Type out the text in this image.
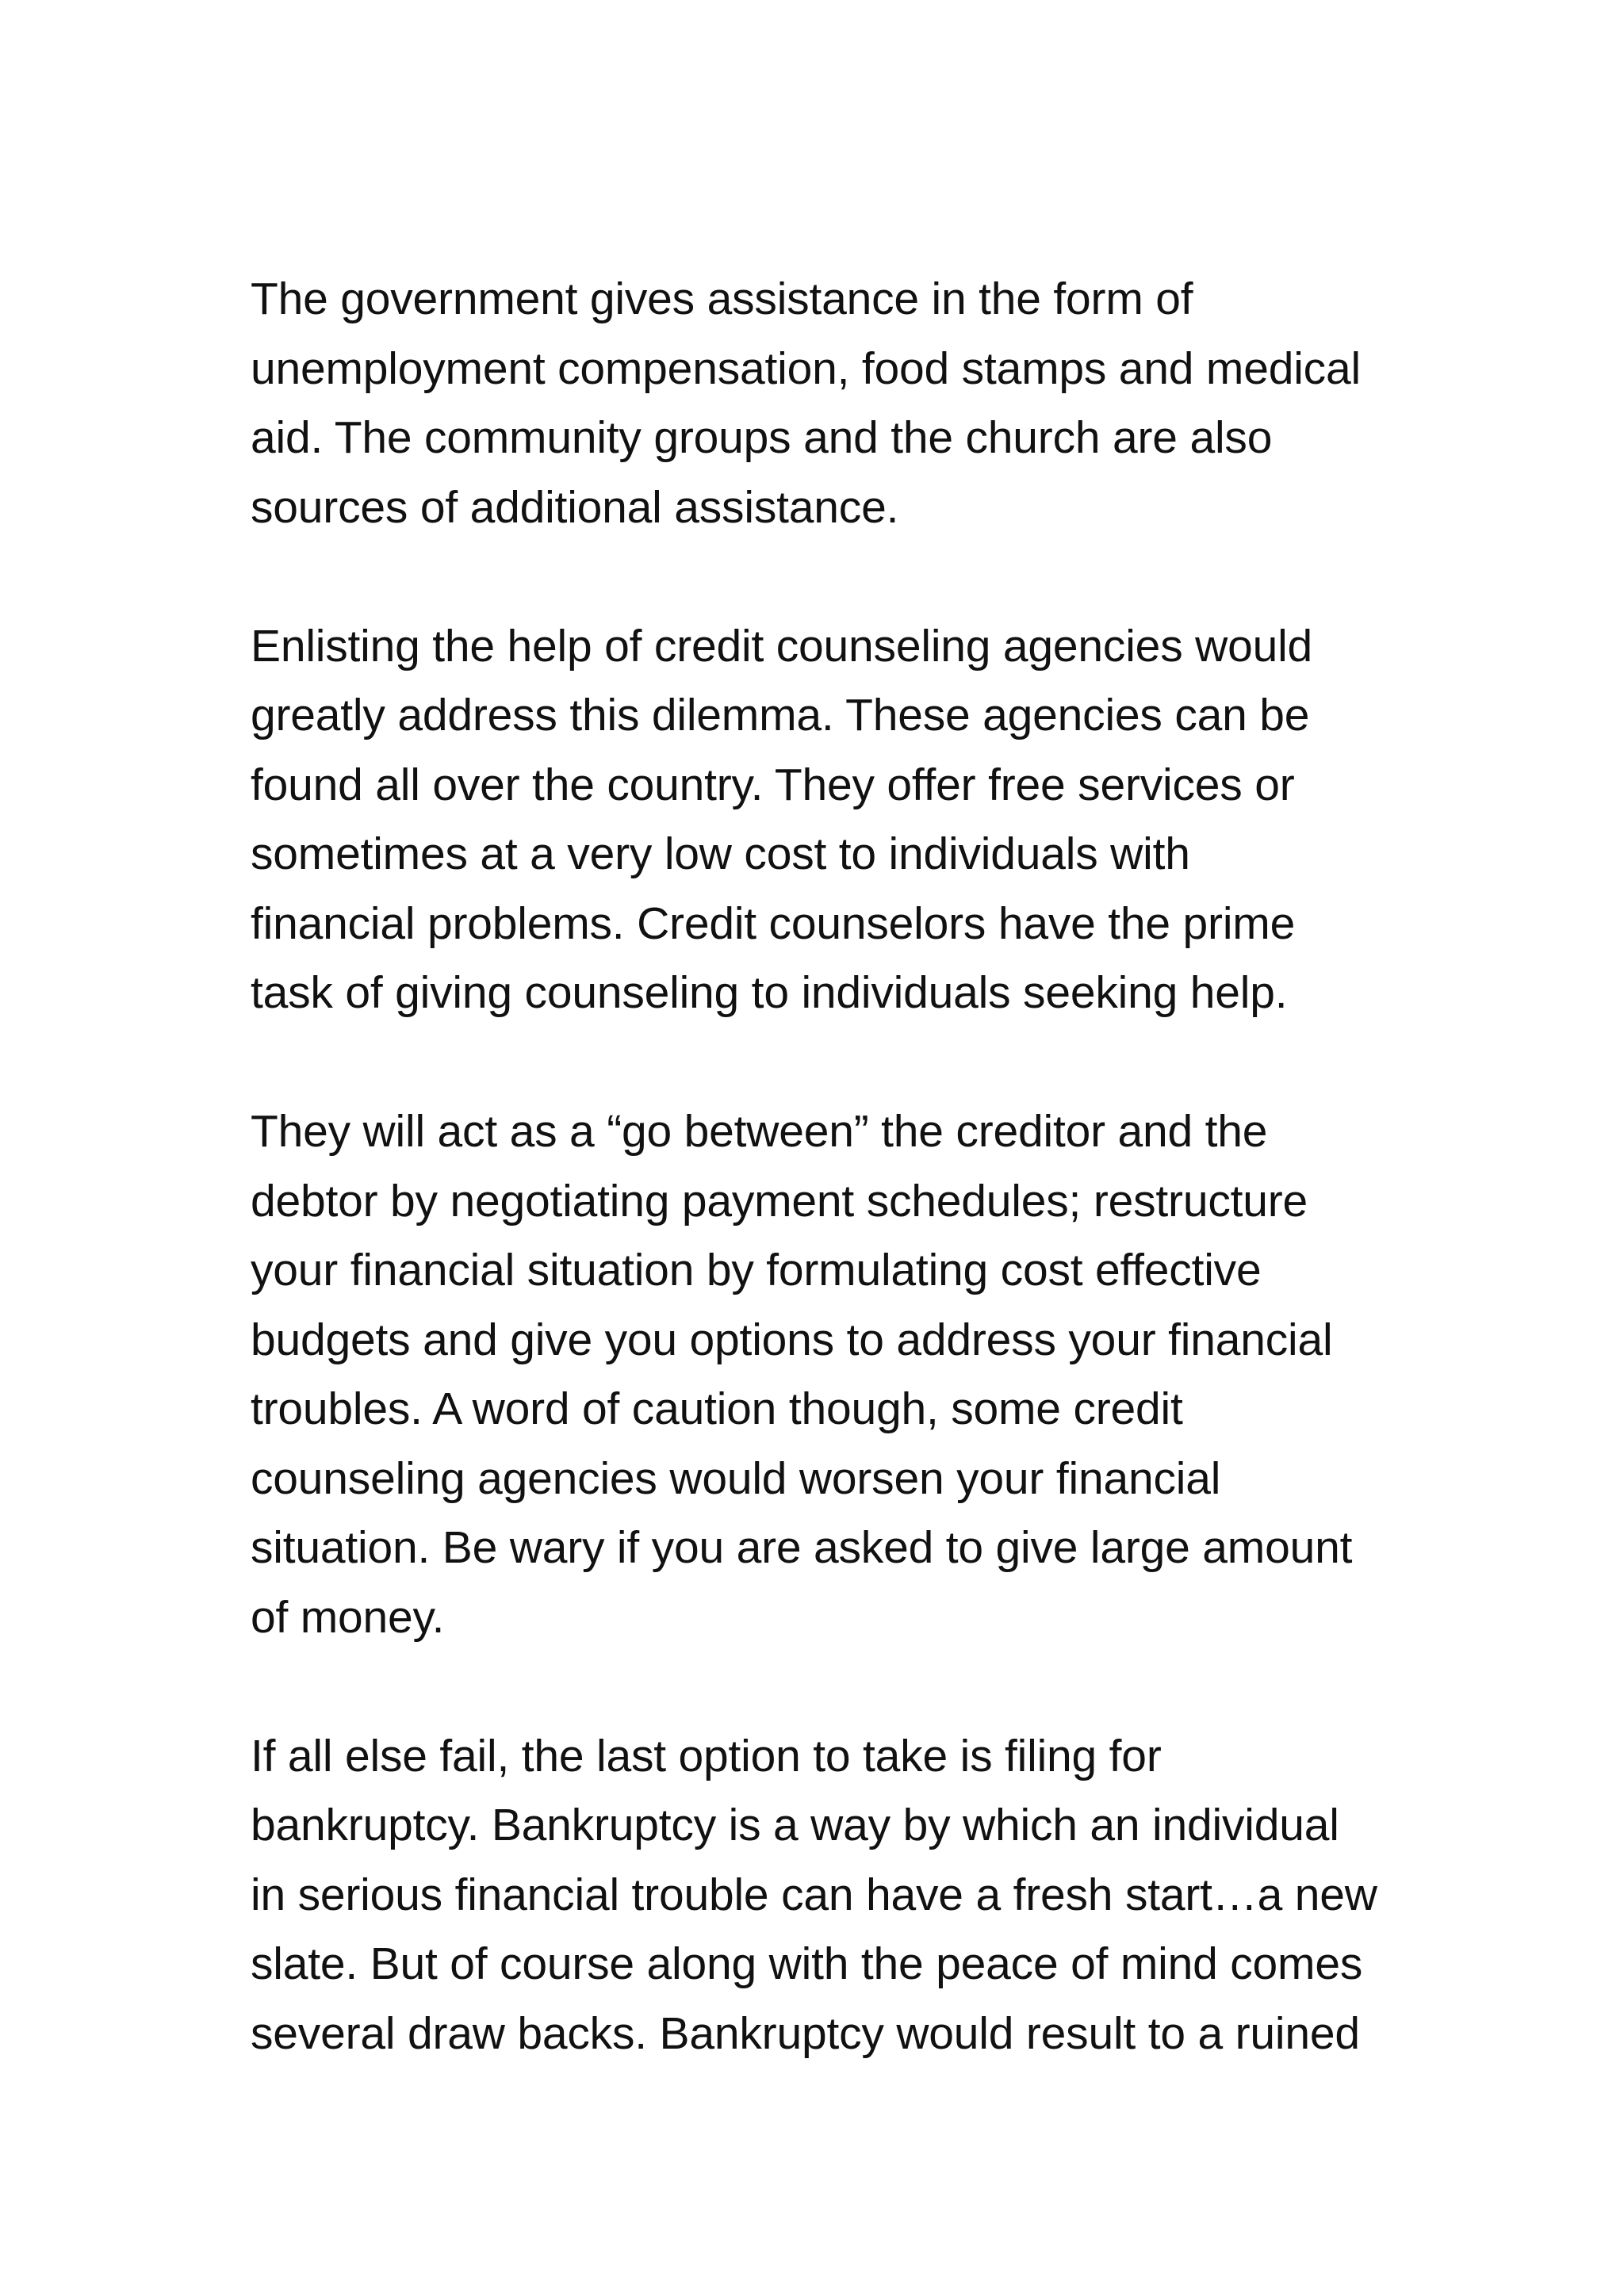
The government gives assistance in the form of
unemployment compensation, food stamps and medical
aid. The community groups and the church are also
sources of additional assistance.

Enlisting the help of credit counseling agencies would
greatly address this dilemma. These agencies can be
found all over the country. They offer free services or
sometimes at a very low cost to individuals with
financial problems. Credit counselors have the prime
task of giving counseling to individuals seeking help.

They will act as a “go between” the creditor and the
debtor by negotiating payment schedules; restructure
your financial situation by formulating cost effective
budgets and give you options to address your financial
troubles. A word of caution though, some credit
counseling agencies would worsen your financial
situation. Be wary if you are asked to give large amount
of money.

If all else fail, the last option to take is filing for
bankruptcy. Bankruptcy is a way by which an individual
in serious financial trouble can have a fresh start…a new
slate. But of course along with the peace of mind comes
several draw backs. Bankruptcy would result to a ruined
